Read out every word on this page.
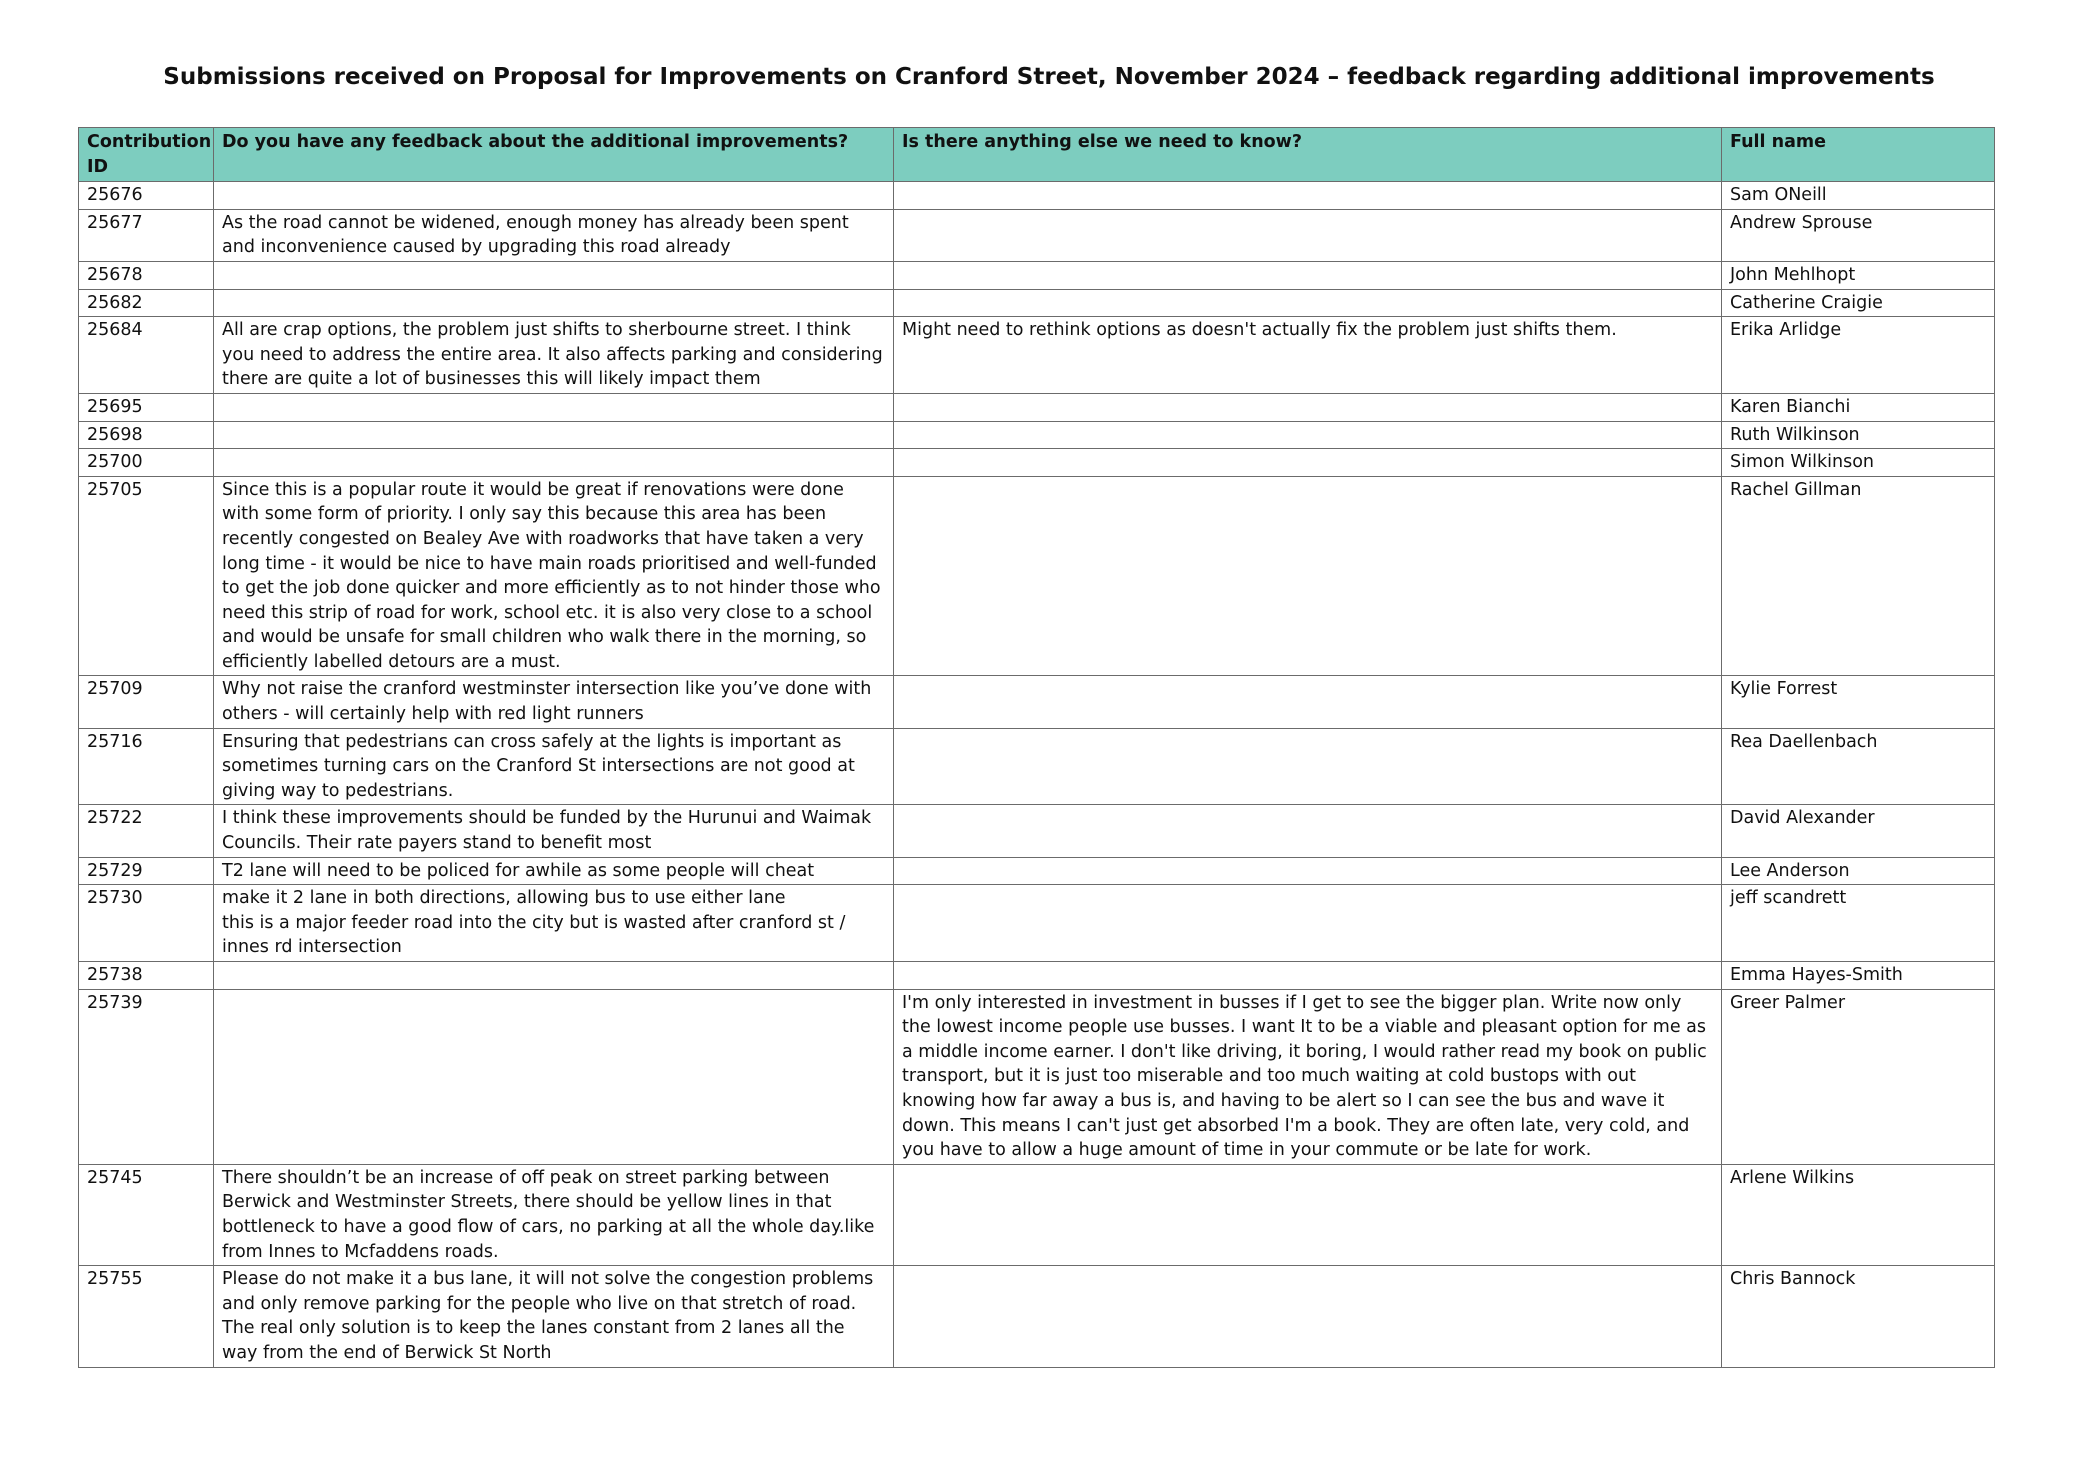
Submissions received on Proposal for Improvements on Cranford Street, November 2024 – feedback regarding additional improvements
Contribution ID	Do you have any feedback about the additional improvements?	Is there anything else we need to know?	Full name
25676			Sam ONeill
25677	As the road cannot be widened, enough money has already been spent and inconvenience caused by upgrading this road already		Andrew Sprouse
25678			John Mehlhopt
25682			Catherine Craigie
25684	All are crap options, the problem just shifts to sherbourne street. I think you need to address the entire area. It also affects parking and considering there are quite a lot of businesses this will likely impact them	Might need to rethink options as doesn't actually fix the problem just shifts them.	Erika Arlidge
25695			Karen Bianchi
25698			Ruth Wilkinson
25700			Simon Wilkinson
25705	Since this is a popular route it would be great if renovations were done with some form of priority. I only say this because this area has been recently congested on Bealey Ave with roadworks that have taken a very long time - it would be nice to have main roads prioritised and well-funded to get the job done quicker and more efficiently as to not hinder those who need this strip of road for work, school etc. it is also very close to a school and would be unsafe for small children who walk there in the morning, so efficiently labelled detours are a must.		Rachel Gillman
25709	Why not raise the cranford westminster intersection like you’ve done with others - will certainly help with red light runners		Kylie Forrest
25716	Ensuring that pedestrians can cross safely at the lights is important as sometimes turning cars on the Cranford St intersections are not good at giving way to pedestrians.		Rea Daellenbach
25722	I think these improvements should be funded by the Hurunui and Waimak Councils. Their rate payers stand to benefit most		David Alexander
25729	T2 lane will need to be policed for awhile as some people will cheat		Lee Anderson
25730	make it 2 lane in both directions, allowing bus to use either lane
this is a major feeder road into the city but is wasted after cranford st / innes rd intersection		jeff scandrett
25738			Emma Hayes-Smith
25739		I'm only interested in investment in busses if I get to see the bigger plan. Write now only the lowest income people use busses. I want It to be a viable and pleasant option for me as a middle income earner. I don't like driving, it boring, I would rather read my book on public transport, but it is just too miserable and too much waiting at cold bustops with out knowing how far away a bus is, and having to be alert so I can see the bus and wave it down. This means I can't just get absorbed I'm a book. They are often late, very cold, and you have to allow a huge amount of time in your commute or be late for work.	Greer Palmer
25745	There shouldn’t be an increase of off peak on street parking between Berwick and Westminster Streets, there should be yellow lines in that bottleneck to have a good flow of cars, no parking at all the whole day.like from Innes to Mcfaddens roads.		Arlene Wilkins
25755	Please do not make it a bus lane, it will not solve the congestion problems and only remove parking for the people who live on that stretch of road. The real only solution is to keep the lanes constant from 2 lanes all the way from the end of Berwick St North		Chris Bannock
